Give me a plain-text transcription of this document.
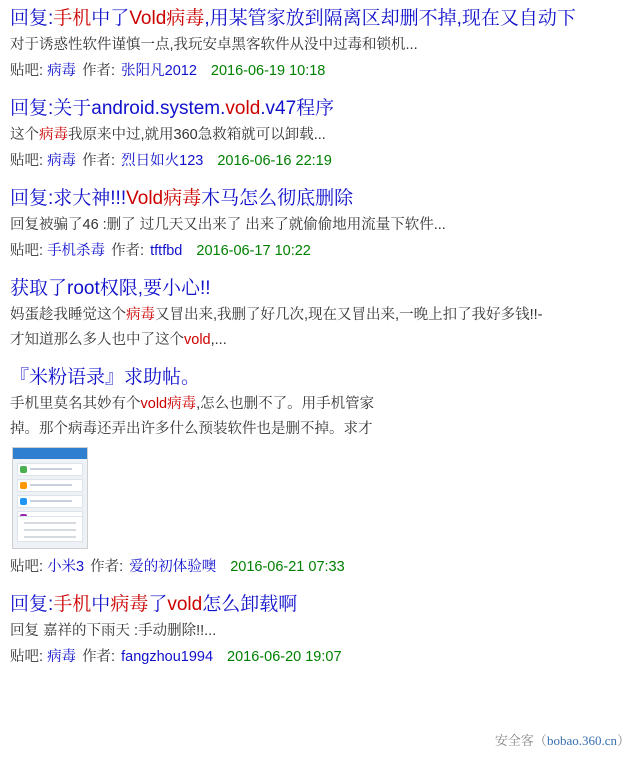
回复:手机中了Vold病毒,用某管家放到隔离区却删不掉,现在又自动下
对于诱惑性软件谨慎一点,我玩安卓黑客软件从没中过毒和锁机...
贴吧: 病毒 作者: 张阳凡2012 2016-06-19 10:18
回复:关于android.system.vold.v47程序
这个病毒我原来中过,就用360急救箱就可以卸载...
贴吧: 病毒 作者: 烈日如火123 2016-06-16 22:19
回复:求大神!!!Vold病毒木马怎么彻底删除
回复被骗了46 :删了 过几天又出来了 出来了就偷偷地用流量下软件...
贴吧: 手机杀毒 作者: tftfbd 2016-06-17 10:22
获取了root权限,要小心!!
妈蛋趁我睡觉这个病毒又冒出来,我删了好几次,现在又冒出来,一晚上扣了我好多钱!!-
才知道那么多人也中了这个vold,...
『米粉语录』求助帖。
手机里莫名其妙有个vold病毒,怎么也删不了。用手机管家
掉。那个病毒还弄出许多什么预装软件也是删不掉。求才
贴吧: 小米3 作者: 爱的初体验噢 2016-06-21 07:33
回复:手机中病毒了vold怎么卸载啊
回复 嘉祥的下雨天 :手动删除!!...
贴吧: 病毒 作者: fangzhou1994 2016-06-20 19:07
安全客（bobao.360.cn）
